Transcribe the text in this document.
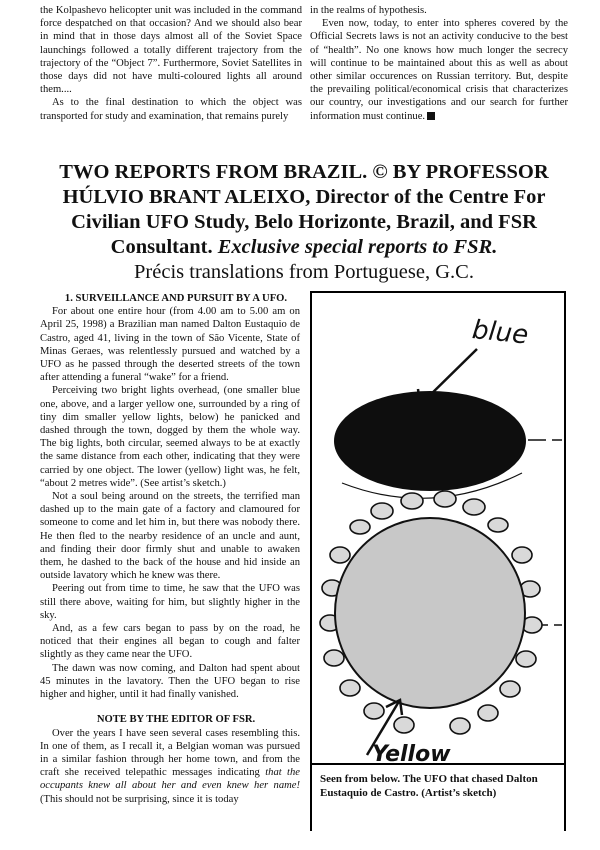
the Kolpashevo helicopter unit was included in the command force despatched on that occasion? And we should also bear in mind that in those days almost all of the Soviet Space launchings followed a totally different trajectory from the trajectory of the “Object 7”. Furthermore, Soviet Satellites in those days did not have multi-coloured lights all around them....

As to the final destination to which the object was transported for study and examination, that remains purely

in the realms of hypothesis.

Even now, today, to enter into spheres covered by the Official Secrets laws is not an activity conducive to the best of “health”. No one knows how much longer the secrecy will continue to be maintained about this as well as about other similar occurences on Russian territory. But, despite the prevailing political/economical crisis that characterizes our country, our investigations and our search for further information must continue.

TWO REPORTS FROM BRAZIL. © BY PROFESSOR HÚLVIO BRANT ALEIXO, Director of the Centre For Civilian UFO Study, Belo Horizonte, Brazil, and FSR Consultant. Exclusive special reports to FSR.
Précis translations from Portuguese, G.C.

1. SURVEILLANCE AND PURSUIT BY A UFO.

For about one entire hour (from 4.00 am to 5.00 am on April 25, 1998) a Brazilian man named Dalton Eustaquio de Castro, aged 41, living in the town of São Vicente, State of Minas Geraes, was relentlessly pursued and watched by a UFO as he passed through the deserted streets of the town after attending a funeral “wake” for a friend.

Perceiving two bright lights overhead, (one smaller blue one, above, and a larger yellow one, surrounded by a ring of tiny dim smaller yellow lights, below) he panicked and dashed through the town, dogged by them the whole way. The big lights, both circular, seemed always to be at exactly the same distance from each other, indicating that they were carried by one object. The lower (yellow) light was, he felt, “about 2 metres wide”. (See artist’s sketch.)

Not a soul being around on the streets, the terrified man dashed up to the main gate of a factory and clamoured for someone to come and let him in, but there was nobody there. He then fled to the nearby residence of an uncle and aunt, and finding their door firmly shut and unable to awaken them, he dashed to the back of the house and hid inside an outside lavatory which he knew was there.

Peering out from time to time, he saw that the UFO was still there above, waiting for him, but slightly higher in the sky.

And, as a few cars began to pass by on the road, he noticed that their engines all began to cough and falter slightly as they came near the UFO.

The dawn was now coming, and Dalton had spent about 45 minutes in the lavatory. Then the UFO began to rise higher and higher, until it had finally vanished.

NOTE BY THE EDITOR OF FSR.

Over the years I have seen several cases resembling this. In one of them, as I recall it, a Belgian woman was pursued in a similar fashion through her home town, and from the craft she received telepathic messages indicating that the occupants knew all about her and even knew her name! (This should not be surprising, since it is today

blue
Yellow
Seen from below. The UFO that chased Dalton Eustaquio de Castro. (Artist’s sketch)
